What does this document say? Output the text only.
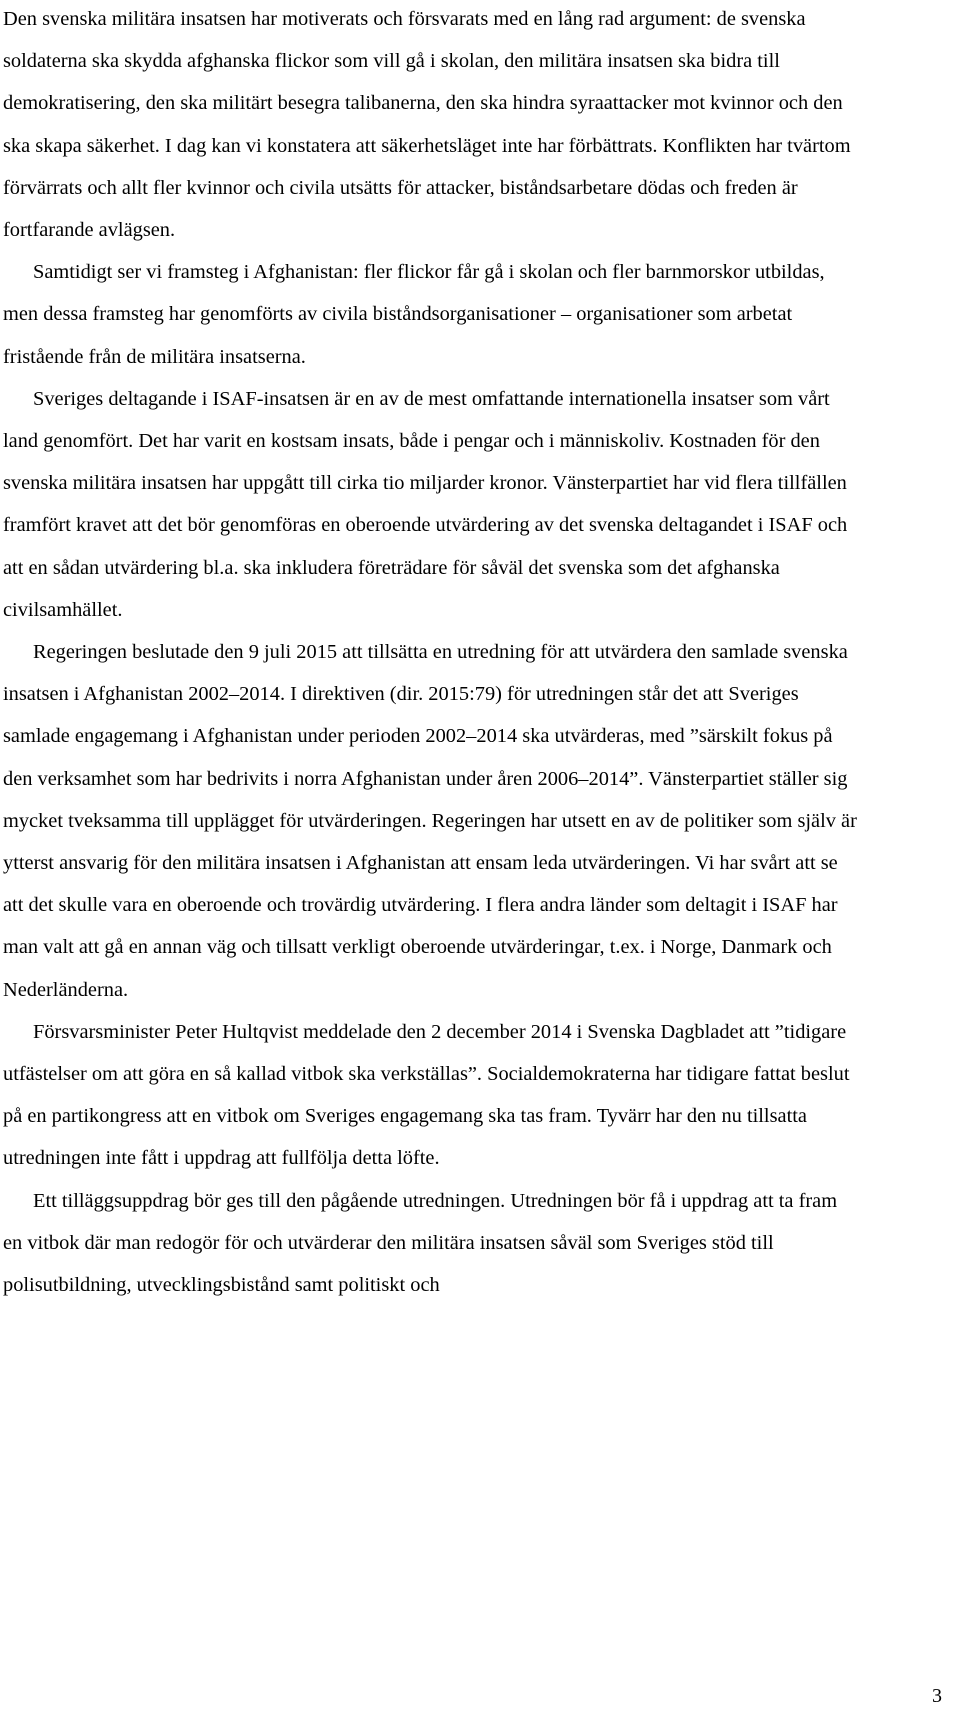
Den svenska militära insatsen har motiverats och försvarats med en lång rad argument: de svenska soldaterna ska skydda afghanska flickor som vill gå i skolan, den militära insatsen ska bidra till demokratisering, den ska militärt besegra talibanerna, den ska hindra syraattacker mot kvinnor och den ska skapa säkerhet. I dag kan vi konstatera att säkerhetsläget inte har förbättrats. Konflikten har tvärtom förvärrats och allt fler kvinnor och civila utsätts för attacker, biståndsarbetare dödas och freden är fortfarande avlägsen.

Samtidigt ser vi framsteg i Afghanistan: fler flickor får gå i skolan och fler barnmorskor utbildas, men dessa framsteg har genomförts av civila biståndsorganisationer – organisationer som arbetat fristående från de militära insatserna.

Sveriges deltagande i ISAF-insatsen är en av de mest omfattande internationella insatser som vårt land genomfört. Det har varit en kostsam insats, både i pengar och i människoliv. Kostnaden för den svenska militära insatsen har uppgått till cirka tio miljarder kronor. Vänsterpartiet har vid flera tillfällen framfört kravet att det bör genomföras en oberoende utvärdering av det svenska deltagandet i ISAF och att en sådan utvärdering bl.a. ska inkludera företrädare för såväl det svenska som det afghanska civilsamhället.

Regeringen beslutade den 9 juli 2015 att tillsätta en utredning för att utvärdera den samlade svenska insatsen i Afghanistan 2002–2014. I direktiven (dir. 2015:79) för utredningen står det att Sveriges samlade engagemang i Afghanistan under perioden 2002–2014 ska utvärderas, med ”särskilt fokus på den verksamhet som har bedrivits i norra Afghanistan under åren 2006–2014”. Vänsterpartiet ställer sig mycket tveksamma till upplägget för utvärderingen. Regeringen har utsett en av de politiker som själv är ytterst ansvarig för den militära insatsen i Afghanistan att ensam leda utvärderingen. Vi har svårt att se att det skulle vara en oberoende och trovärdig utvärdering. I flera andra länder som deltagit i ISAF har man valt att gå en annan väg och tillsatt verkligt oberoende utvärderingar, t.ex. i Norge, Danmark och Nederländerna.

Försvarsminister Peter Hultqvist meddelade den 2 december 2014 i Svenska Dagbladet att ”tidigare utfästelser om att göra en så kallad vitbok ska verkställas”. Socialdemokraterna har tidigare fattat beslut på en partikongress att en vitbok om Sveriges engagemang ska tas fram. Tyvärr har den nu tillsatta utredningen inte fått i uppdrag att fullfölja detta löfte.

Ett tilläggsuppdrag bör ges till den pågående utredningen. Utredningen bör få i uppdrag att ta fram en vitbok där man redogör för och utvärderar den militära insatsen såväl som Sveriges stöd till polisutbildning, utvecklingsbistånd samt politiskt och

3
